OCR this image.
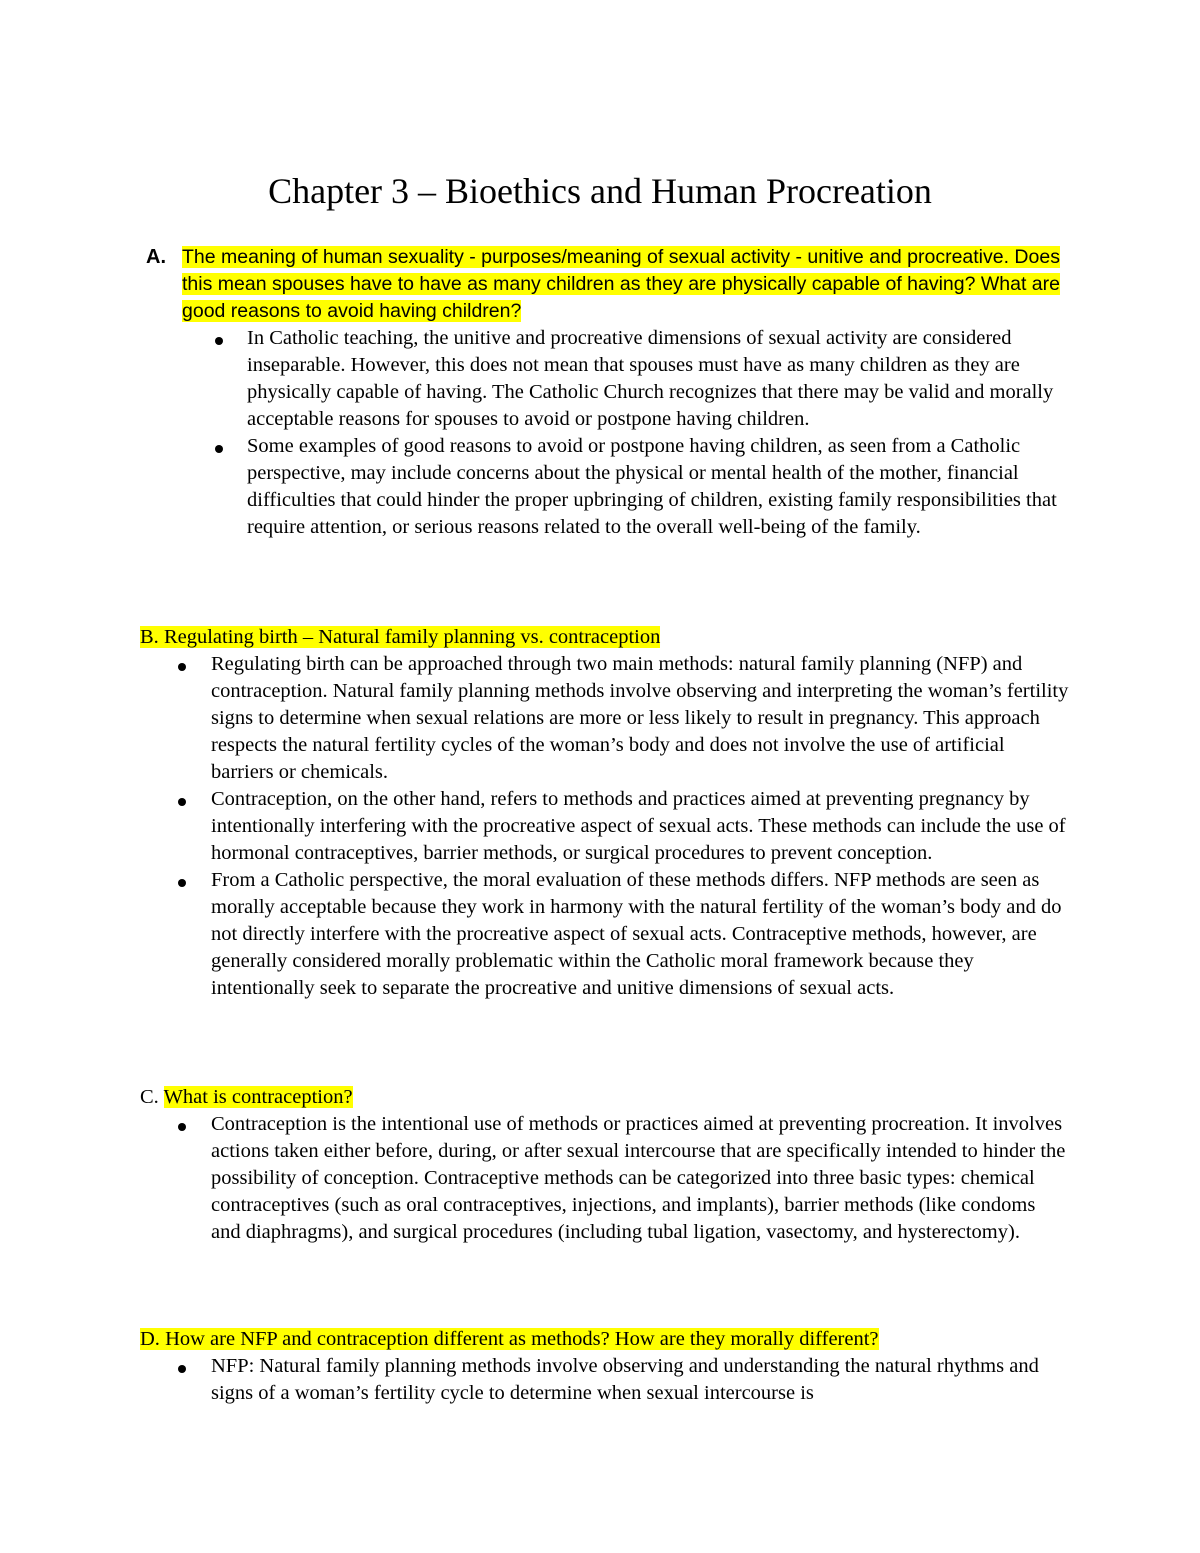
Chapter 3 – Bioethics and Human Procreation
A. The meaning of human sexuality - purposes/meaning of sexual activity - unitive and procreative. Does this mean spouses have to have as many children as they are physically capable of having? What are good reasons to avoid having children?
In Catholic teaching, the unitive and procreative dimensions of sexual activity are considered inseparable. However, this does not mean that spouses must have as many children as they are physically capable of having. The Catholic Church recognizes that there may be valid and morally acceptable reasons for spouses to avoid or postpone having children.
Some examples of good reasons to avoid or postpone having children, as seen from a Catholic perspective, may include concerns about the physical or mental health of the mother, financial difficulties that could hinder the proper upbringing of children, existing family responsibilities that require attention, or serious reasons related to the overall well-being of the family.
B. Regulating birth – Natural family planning vs. contraception
Regulating birth can be approached through two main methods: natural family planning (NFP) and contraception. Natural family planning methods involve observing and interpreting the woman’s fertility signs to determine when sexual relations are more or less likely to result in pregnancy. This approach respects the natural fertility cycles of the woman’s body and does not involve the use of artificial barriers or chemicals.
Contraception, on the other hand, refers to methods and practices aimed at preventing pregnancy by intentionally interfering with the procreative aspect of sexual acts. These methods can include the use of hormonal contraceptives, barrier methods, or surgical procedures to prevent conception.
From a Catholic perspective, the moral evaluation of these methods differs. NFP methods are seen as morally acceptable because they work in harmony with the natural fertility of the woman’s body and do not directly interfere with the procreative aspect of sexual acts. Contraceptive methods, however, are generally considered morally problematic within the Catholic moral framework because they intentionally seek to separate the procreative and unitive dimensions of sexual acts.
C. What is contraception?
Contraception is the intentional use of methods or practices aimed at preventing procreation. It involves actions taken either before, during, or after sexual intercourse that are specifically intended to hinder the possibility of conception. Contraceptive methods can be categorized into three basic types: chemical contraceptives (such as oral contraceptives, injections, and implants), barrier methods (like condoms and diaphragms), and surgical procedures (including tubal ligation, vasectomy, and hysterectomy).
D. How are NFP and contraception different as methods? How are they morally different?
NFP: Natural family planning methods involve observing and understanding the natural rhythms and signs of a woman’s fertility cycle to determine when sexual intercourse is
